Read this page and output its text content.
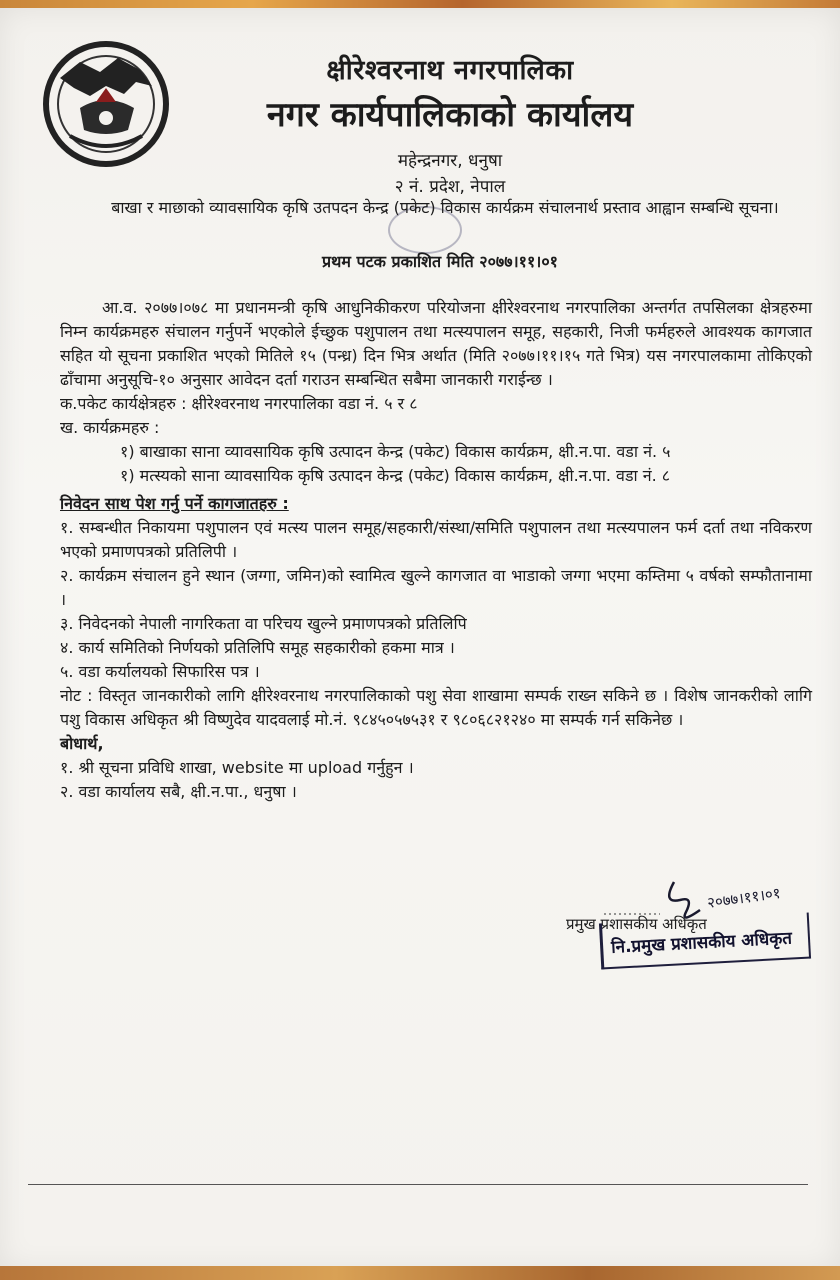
क्षीरेश्वरनाथ नगरपालिका
नगर कार्यपालिकाको कार्यालय
महेन्द्रनगर, धनुषा
२ नं. प्रदेश, नेपाल
बाखा र माछाको व्यावसायिक कृषि उतपदन केन्द्र (पकेट) विकास कार्यक्रम संचालनार्थ प्रस्ताव आह्वान सम्बन्धि सूचना।
प्रथम पटक प्रकाशित मिति २०७७।११।०१

आ.व. २०७७।०७८ मा प्रधानमन्त्री कृषि आधुनिकीकरण परियोजना क्षीरेश्वरनाथ नगरपालिका अन्तर्गत तपसिलका क्षेत्रहरुमा निम्न कार्यक्रमहरु संचालन गर्नुपर्ने भएकोले ईच्छुक पशुपालन तथा मत्स्यपालन समूह, सहकारी, निजी फर्महरुले आवश्यक कागजात सहित यो सूचना प्रकाशित भएको मितिले १५ (पन्ध्र) दिन भित्र अर्थात (मिति २०७७।११।१५ गते भित्र) यस नगरपालकामा तोकिएको ढाँचामा अनुसूचि-१० अनुसार आवेदन दर्ता गराउन सम्बन्धित सबैमा जानकारी गराईन्छ ।

क.पकेट कार्यक्षेत्रहरु : क्षीरेश्वरनाथ नगरपालिका वडा नं. ५ र ८

ख. कार्यक्रमहरु :

१) बाखाका साना व्यावसायिक कृषि उत्पादन केन्द्र (पकेट) विकास कार्यक्रम, क्षी.न.पा. वडा नं. ५

१) मत्स्यको साना व्यावसायिक कृषि उत्पादन केन्द्र (पकेट) विकास कार्यक्रम, क्षी.न.पा. वडा नं. ८

निवेदन साथ पेश गर्नु पर्ने कागजातहरु :

१. सम्बन्धीत निकायमा पशुपालन एवं मत्स्य पालन समूह/सहकारी/संस्था/समिति पशुपालन तथा मत्स्यपालन फर्म दर्ता तथा नविकरण भएको प्रमाणपत्रको प्रतिलिपी ।

२. कार्यक्रम संचालन हुने स्थान (जग्गा, जमिन)को स्वामित्व खुल्ने कागजात वा भाडाको जग्गा भएमा कम्तिमा ५ वर्षको सम्फौतानामा ।

३. निवेदनको नेपाली नागरिकता वा परिचय खुल्ने प्रमाणपत्रको प्रतिलिपि

४. कार्य समितिको निर्णयको प्रतिलिपि समूह सहकारीको हकमा मात्र ।

५. वडा कर्यालयको सिफारिस पत्र ।

नोट : विस्तृत जानकारीको लागि क्षीरेश्वरनाथ नगरपालिकाको पशु सेवा शाखामा सम्पर्क राख्न सकिने छ । विशेष जानकरीको लागि पशु विकास अधिकृत श्री विष्णुदेव यादवलाई मो.नं. ९८४५०५७५३१ र ९८०६८२१२४० मा सम्पर्क गर्न सकिनेछ ।

बोधार्थ,

१. श्री सूचना प्रविधि शाखा, website मा upload गर्नुहुन ।

२. वडा कार्यालय सबै, क्षी.न.पा., धनुषा ।

२०७७।११।०१
प्रमुख प्रशासकीय अधिकृत
नि.प्रमुख प्रशासकीय अधिकृत
